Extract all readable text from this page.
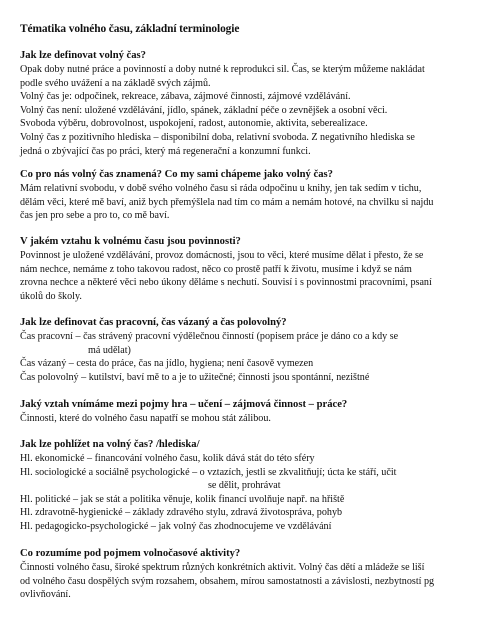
Tématika volného času, základní terminologie
Jak lze definovat volný čas?
Opak doby nutné práce a povinností a doby nutné k reprodukci sil. Čas, se kterým můžeme nakládat
podle svého uvážení a na základě svých zájmů.
Volný čas je: odpočinek, rekreace, zábava, zájmové činnosti, zájmové vzdělávání.
Volný čas není: uložené vzdělávání, jídlo, spánek, základní péče o zevnějšek a osobní věci.
Svoboda výběru, dobrovolnost, uspokojení, radost, autonomie, aktivita, seberealizace.
Volný čas z pozitivního hlediska – disponibilní doba, relativní svoboda. Z negativního hlediska se
jedná o zbývající čas po práci, který má regenerační a konzumní funkci.
Co pro nás volný čas znamená? Co my sami chápeme jako volný čas?
Mám relativní svobodu, v době svého volného času si ráda odpočinu u knihy, jen tak sedím v tichu,
dělám věci, které mě baví, aniž bych přemýšlela nad tím co mám a nemám hotové, na chvilku si najdu
čas jen pro sebe a pro to, co mě baví.
V jakém vztahu k volnému času jsou povinnosti?
Povinnost je uložené vzdělávání, provoz domácnosti, jsou to věci, které musíme dělat i přesto, že se
nám nechce, nemáme z toho takovou radost, něco co prostě patří k životu, musíme i když se nám
zrovna nechce a některé věci nebo úkony děláme s nechutí. Souvisí i s povinnostmi pracovními, psaní
úkolů do školy.
Jak lze definovat čas pracovní, čas vázaný a čas polovolný?
Čas pracovní – čas strávený pracovní výdělečnou činností (popisem práce je dáno co a kdy se
má udělat)
Čas vázaný – cesta do práce, čas na jídlo, hygiena; není časově vymezen
Čas polovolný – kutilství, baví mě to a je to užitečné; činnosti jsou spontánní, nezištné
Jaký vztah vnímáme mezi pojmy hra – učení – zájmová činnost – práce?
Činnosti, které do volného času napatří se mohou stát zálibou.
Jak lze pohlížet na volný čas? /hlediska/
Hl. ekonomické – financování volného času, kolik dává stát do této sféry
Hl. sociologické a sociálně psychologické – o vztazích, jestli se zkvalitňují; úcta ke stáří, učit
se dělit, prohrávat
Hl. politické – jak se stát a politika věnuje, kolik financí uvolňuje např. na hřiště
Hl. zdravotně-hygienické – základy zdravého stylu, zdravá životospráva, pohyb
Hl. pedagogicko-psychologické – jak volný čas zhodnocujeme ve vzdělávání
Co rozumíme pod pojmem volnočasové aktivity?
Činnosti volného času, široké spektrum různých konkrétních aktivit. Volný čas dětí a mládeže se liší
od volného času dospělých svým rozsahem, obsahem, mírou samostatnosti a závislosti, nezbytností pg
ovlivňování.
